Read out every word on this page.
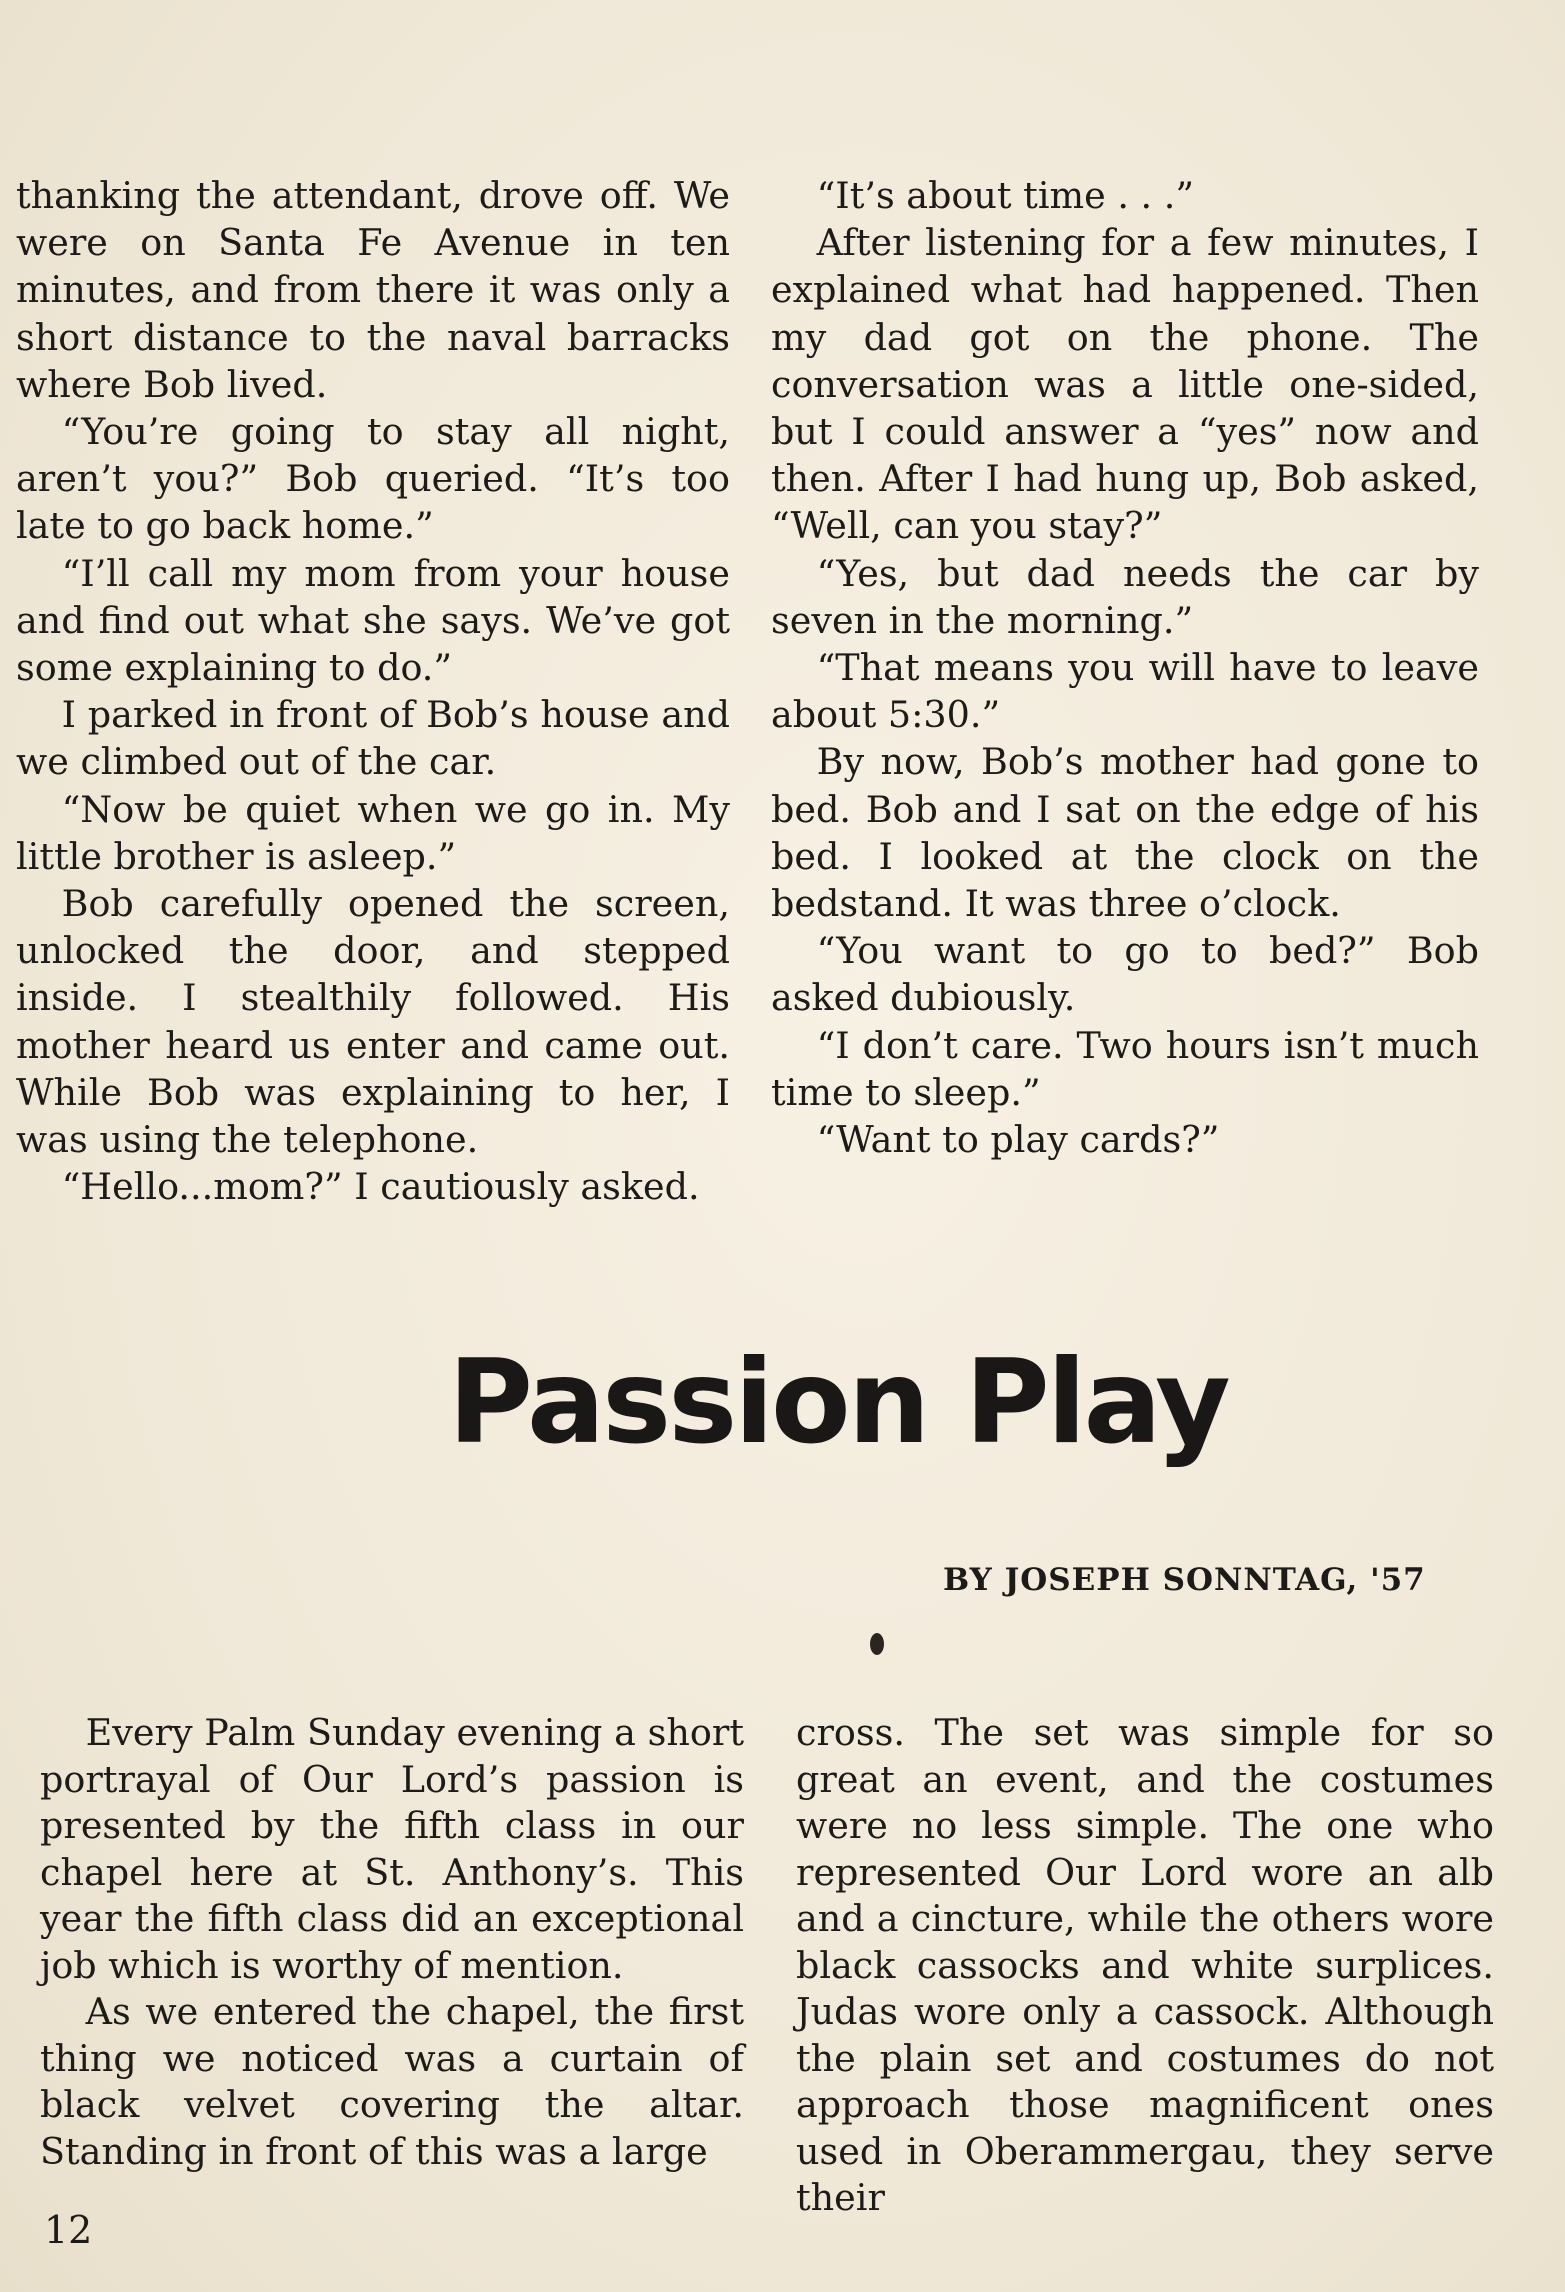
thanking the attendant, drove off. We were on Santa Fe Avenue in ten minutes, and from there it was only a short distance to the naval barracks where Bob lived.

“You’re going to stay all night, aren’t you?” Bob queried. “It’s too late to go back home.”

“I’ll call my mom from your house and find out what she says. We’ve got some explaining to do.”

I parked in front of Bob’s house and we climbed out of the car.

“Now be quiet when we go in. My little brother is asleep.”

Bob carefully opened the screen, unlocked the door, and stepped inside. I stealthily followed. His mother heard us enter and came out. While Bob was explaining to her, I was using the telephone.

“Hello...mom?” I cautiously asked.

“It’s about time . . .”

After listening for a few minutes, I explained what had happened. Then my dad got on the phone. The conversation was a little one-sided, but I could answer a “yes” now and then. After I had hung up, Bob asked, “Well, can you stay?”

“Yes, but dad needs the car by seven in the morning.”

“That means you will have to leave about 5:30.”

By now, Bob’s mother had gone to bed. Bob and I sat on the edge of his bed. I looked at the clock on the bedstand. It was three o’clock.

“You want to go to bed?” Bob asked dubiously.

“I don’t care. Two hours isn’t much time to sleep.”

“Want to play cards?”

Passion Play
BY JOSEPH SONNTAG, '57

Every Palm Sunday evening a short portrayal of Our Lord’s passion is presented by the fifth class in our chapel here at St. Anthony’s. This year the fifth class did an exceptional job which is worthy of mention.

As we entered the chapel, the first thing we noticed was a curtain of black velvet covering the altar. Standing in front of this was a large

cross. The set was simple for so great an event, and the costumes were no less simple. The one who represented Our Lord wore an alb and a cincture, while the others wore black cassocks and white surplices. Judas wore only a cassock. Although the plain set and costumes do not approach those magnificent ones used in Oberammergau, they serve their

12
